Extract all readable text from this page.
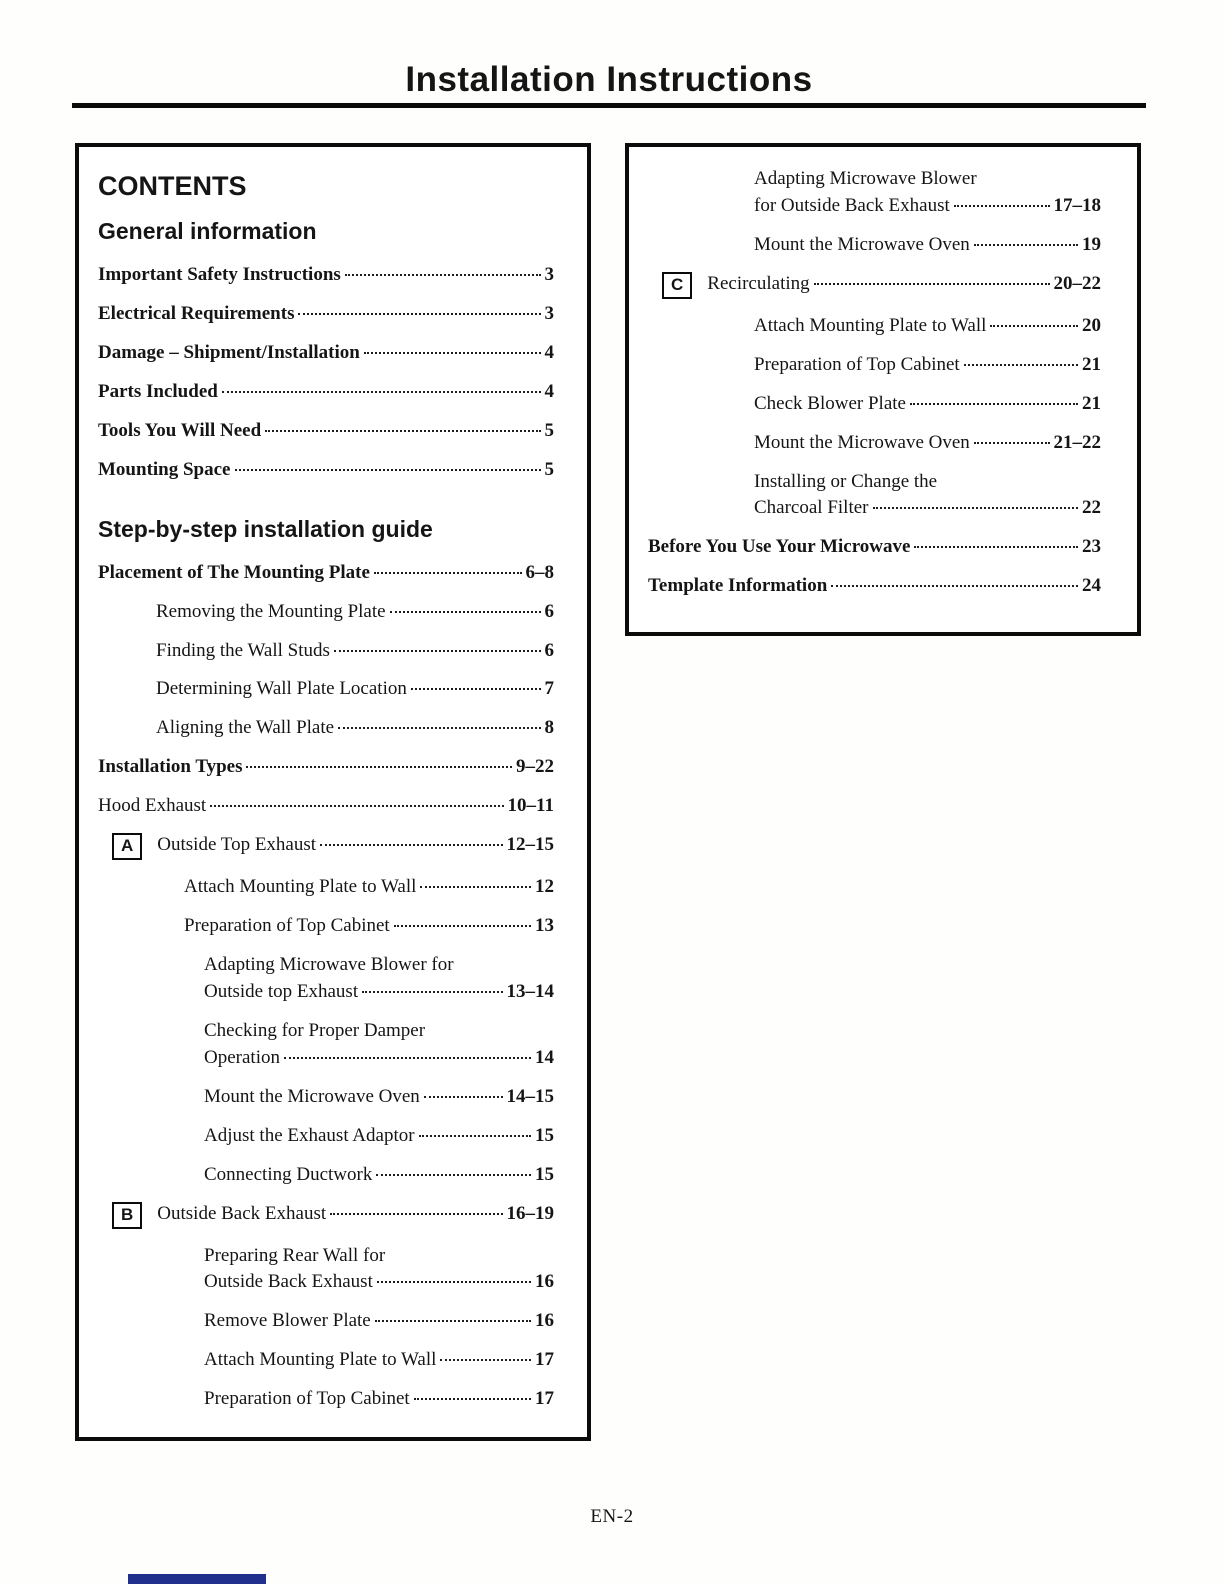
Installation Instructions
CONTENTS
General information
Important Safety Instructions	3
Electrical Requirements	3
Damage – Shipment/Installation	4
Parts Included	4
Tools You Will Need	5
Mounting Space	5
Step-by-step installation guide
Placement of The Mounting Plate	6–8
Removing the Mounting Plate	6
Finding the Wall Studs	6
Determining Wall Plate Location	7
Aligning the Wall Plate	8
Installation Types	9–22
Hood Exhaust	10–11
A	Outside Top Exhaust	12–15
Attach Mounting Plate to Wall	12
Preparation of Top Cabinet	13
Adapting Microwave Blower for
Outside top Exhaust	13–14
Checking for Proper Damper
Operation	14
Mount the Microwave Oven	14–15
Adjust the Exhaust Adaptor	15
Connecting Ductwork	15
B	Outside Back Exhaust	16–19
Preparing Rear Wall for
Outside Back Exhaust	16
Remove Blower Plate	16
Attach Mounting Plate to Wall	17
Preparation of Top Cabinet	17
Adapting Microwave Blower
for Outside Back Exhaust	17–18
Mount the Microwave Oven	19
C	Recirculating	20–22
Attach Mounting Plate to Wall	20
Preparation of Top Cabinet	21
Check Blower Plate	21
Mount the Microwave Oven	21–22
Installing or Change the
Charcoal Filter	22
Before You Use Your Microwave	23
Template Information	24
EN-2
